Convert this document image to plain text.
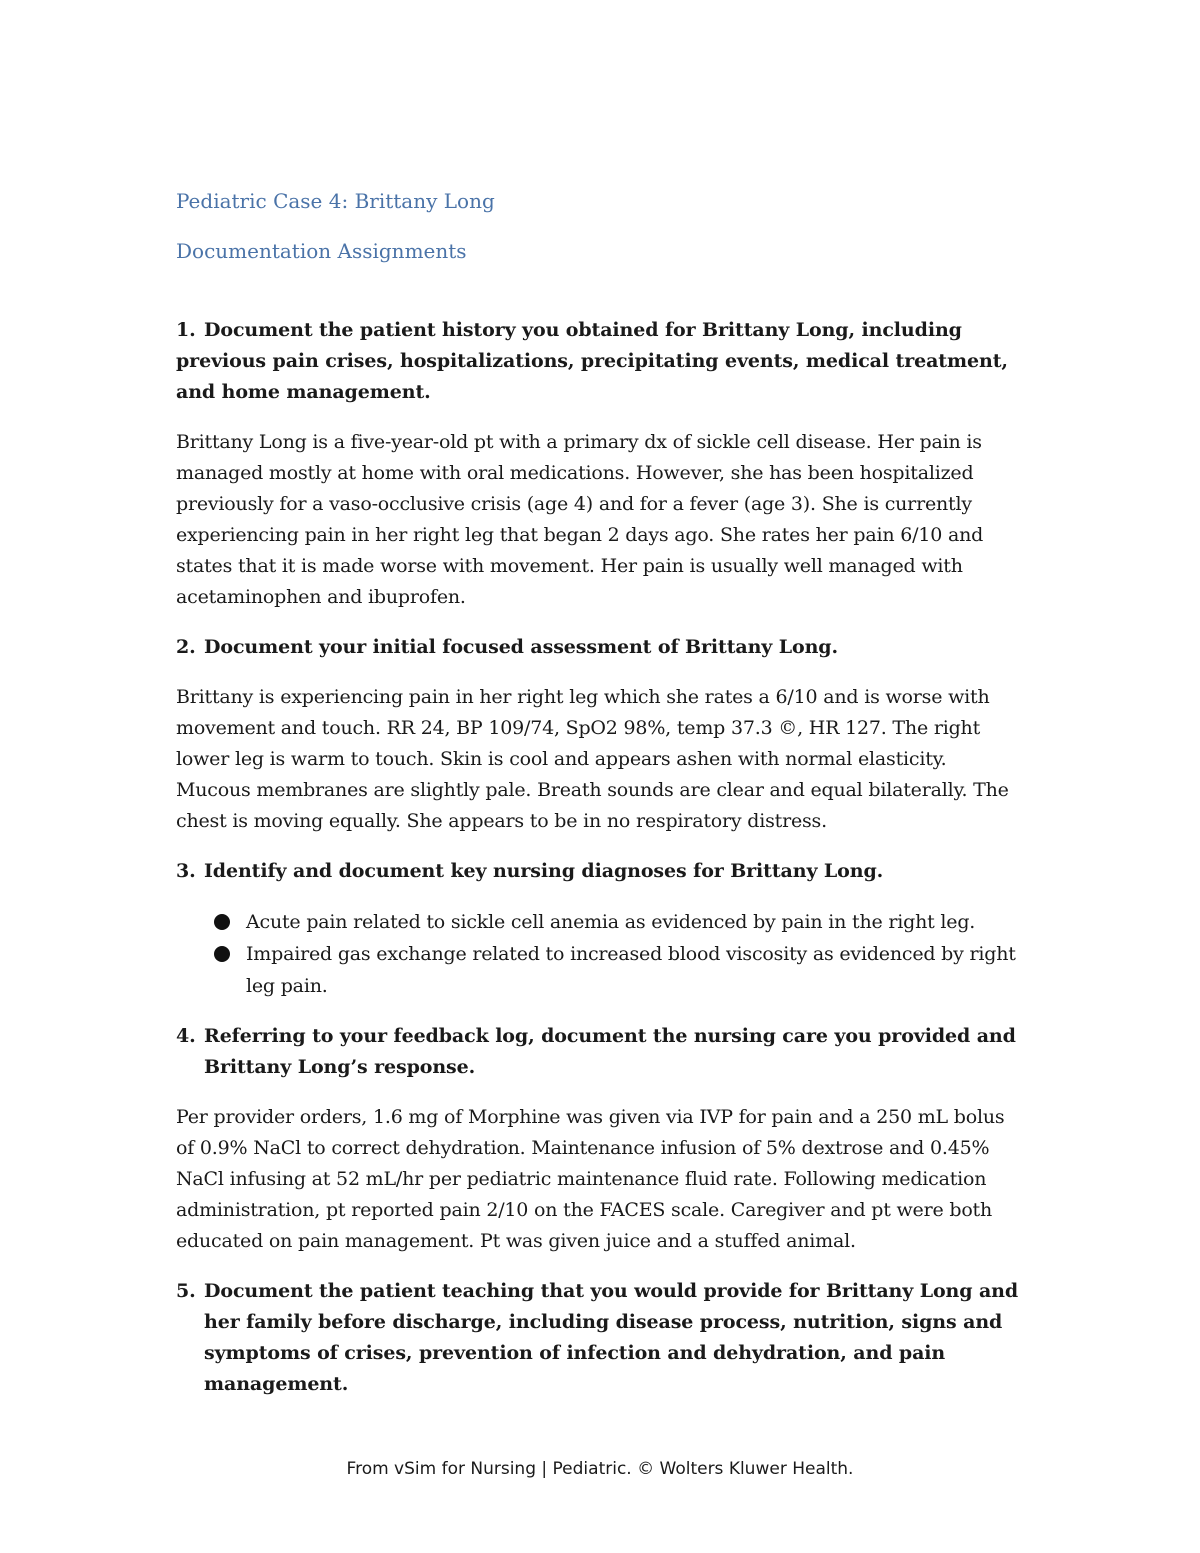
Pediatric Case 4: Brittany Long

Documentation Assignments

1. Document the patient history you obtained for Brittany Long, including previous pain crises, hospitalizations, precipitating events, medical treatment, and home management.

Brittany Long is a five-year-old pt with a primary dx of sickle cell disease. Her pain is managed mostly at home with oral medications. However, she has been hospitalized previously for a vaso-occlusive crisis (age 4) and for a fever (age 3). She is currently experiencing pain in her right leg that began 2 days ago. She rates her pain 6/10 and states that it is made worse with movement. Her pain is usually well managed with acetaminophen and ibuprofen.

2. Document your initial focused assessment of Brittany Long.

Brittany is experiencing pain in her right leg which she rates a 6/10 and is worse with movement and touch. RR 24, BP 109/74, SpO2 98%, temp 37.3 ©, HR 127. The right lower leg is warm to touch. Skin is cool and appears ashen with normal elasticity. Mucous membranes are slightly pale. Breath sounds are clear and equal bilaterally. The chest is moving equally. She appears to be in no respiratory distress.

3. Identify and document key nursing diagnoses for Brittany Long.

Acute pain related to sickle cell anemia as evidenced by pain in the right leg.
Impaired gas exchange related to increased blood viscosity as evidenced by right leg pain.

4. Referring to your feedback log, document the nursing care you provided and Brittany Long’s response.

Per provider orders, 1.6 mg of Morphine was given via IVP for pain and a 250 mL bolus of 0.9% NaCl to correct dehydration. Maintenance infusion of 5% dextrose and 0.45% NaCl infusing at 52 mL/hr per pediatric maintenance fluid rate. Following medication administration, pt reported pain 2/10 on the FACES scale. Caregiver and pt were both educated on pain management. Pt was given juice and a stuffed animal.

5. Document the patient teaching that you would provide for Brittany Long and her family before discharge, including disease process, nutrition, signs and symptoms of crises, prevention of infection and dehydration, and pain management.

From vSim for Nursing | Pediatric. © Wolters Kluwer Health.
